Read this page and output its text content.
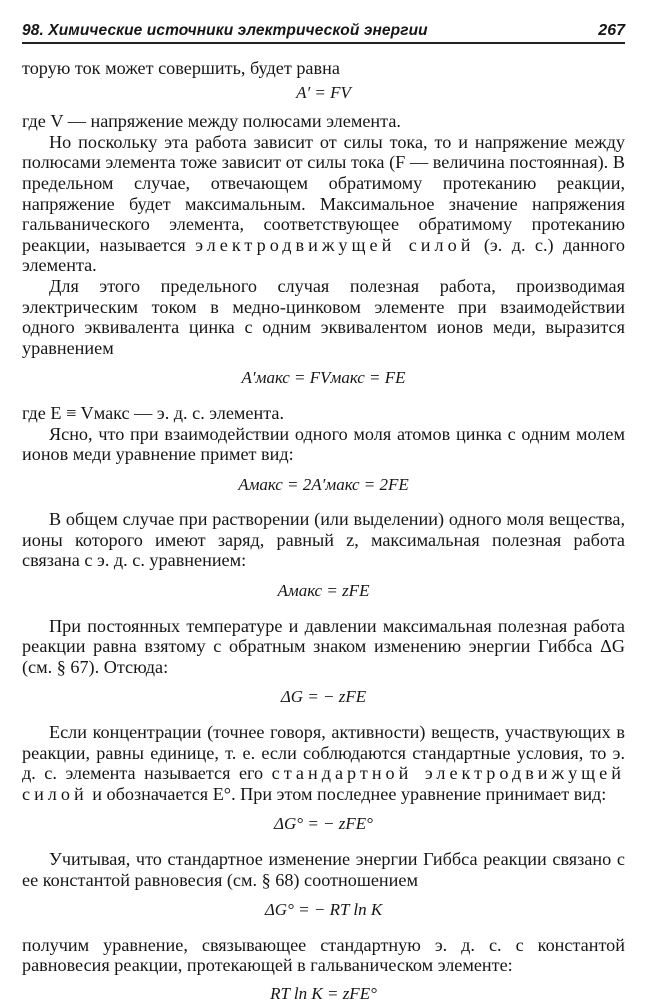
98. Химические источники электрической энергии	267

торую ток может совершить, будет равна

A′ = FV

где V — напряжение между полюсами элемента.

Но поскольку эта работа зависит от силы тока, то и напряжение между полюсами элемента тоже зависит от силы тока (F — величина постоянная). В предельном случае, отвечающем обратимому протеканию реакции, напряжение будет максимальным. Максимальное значение напряжения гальванического элемента, соответствующее обратимому протеканию реакции, называется электродвижущей силой (э. д. с.) данного элемента.

Для этого предельного случая полезная работа, производимая электрическим током в медно-цинковом элементе при взаимодействии одного эквивалента цинка с одним эквивалентом ионов меди, выразится уравнением

A′макс = FVмакс = FE

где E ≡ Vмакс — э. д. с. элемента.

Ясно, что при взаимодействии одного моля атомов цинка с одним молем ионов меди уравнение примет вид:

Aмакс = 2A′макс = 2FE

В общем случае при растворении (или выделении) одного моля вещества, ионы которого имеют заряд, равный z, максимальная полезная работа связана с э. д. с. уравнением:

Aмакс = zFE

При постоянных температуре и давлении максимальная полезная работа реакции равна взятому с обратным знаком изменению энергии Гиббса ΔG (см. § 67). Отсюда:

ΔG = − zFE

Если концентрации (точнее говоря, активности) веществ, участвующих в реакции, равны единице, т. е. если соблюдаются стандартные условия, то э. д. с. элемента называется его стандартной электродвижущей силой и обозначается E°. При этом последнее уравнение принимает вид:

ΔG° = − zFE°

Учитывая, что стандартное изменение энергии Гиббса реакции связано с ее константой равновесия (см. § 68) соотношением

ΔG° = − RT ln K

получим уравнение, связывающее стандартную э. д. с. с константой равновесия реакции, протекающей в гальваническом элементе:

RT ln K = zFE°
